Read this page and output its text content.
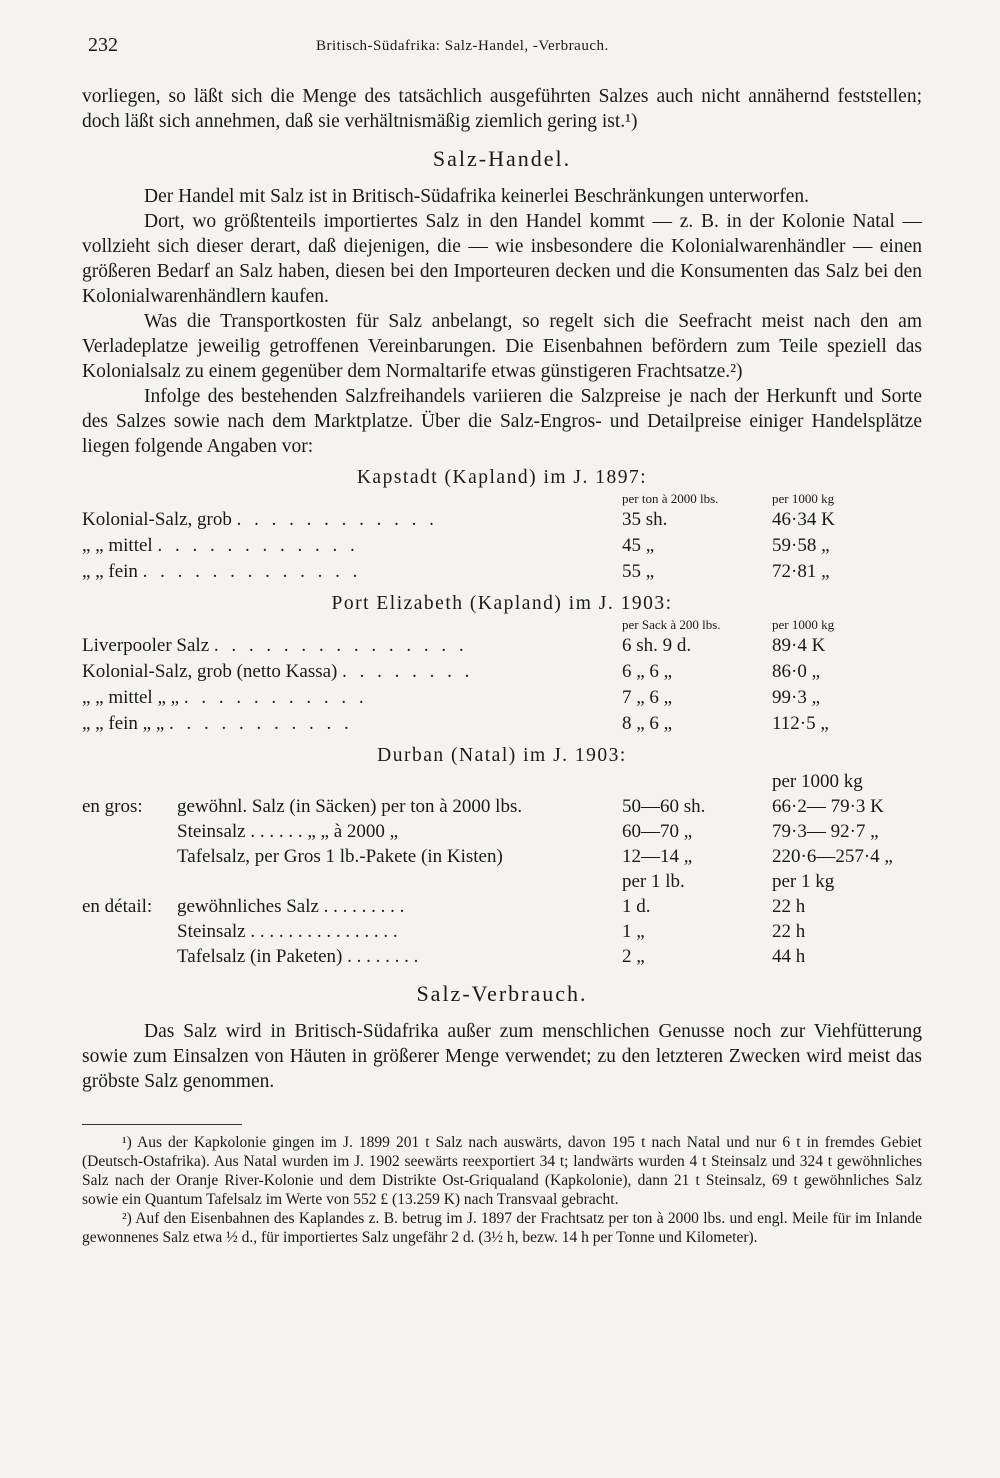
232	Britisch-Südafrika: Salz-Handel, -Verbrauch.

vorliegen, so läßt sich die Menge des tatsächlich ausgeführten Salzes auch nicht annähernd feststellen; doch läßt sich annehmen, daß sie verhältnismäßig ziemlich gering ist.¹)

Salz-Handel.

Der Handel mit Salz ist in Britisch-Südafrika keinerlei Beschränkungen unterworfen.

Dort, wo größtenteils importiertes Salz in den Handel kommt — z. B. in der Kolonie Natal — vollzieht sich dieser derart, daß diejenigen, die — wie insbesondere die Kolonialwarenhändler — einen größeren Bedarf an Salz haben, diesen bei den Importeuren decken und die Konsumenten das Salz bei den Kolonialwarenhändlern kaufen.

Was die Transportkosten für Salz anbelangt, so regelt sich die Seefracht meist nach den am Verladeplatze jeweilig getroffenen Vereinbarungen. Die Eisenbahnen befördern zum Teile speziell das Kolonialsalz zu einem gegenüber dem Normaltarife etwas günstigeren Frachtsatze.²)

Infolge des bestehenden Salzfreihandels variieren die Salzpreise je nach der Herkunft und Sorte des Salzes sowie nach dem Marktplatze. Über die Salz-Engros- und Detailpreise einiger Handelsplätze liegen folgende Angaben vor:

Kapstadt (Kapland) im J. 1897:
	per ton à 2000 lbs.	per 1000 kg
Kolonial-Salz, grob . . . . . . . . . . . .	35 sh.	46·34 K
„ „ mittel . . . . . . . . . . . .	45 „	59·58 „
„ „ fein . . . . . . . . . . . . .	55 „	72·81 „
Port Elizabeth (Kapland) im J. 1903:
	per Sack à 200 lbs.	per 1000 kg
Liverpooler Salz . . . . . . . . . . . . . . .	6 sh. 9 d.	89·4 K
Kolonial-Salz, grob (netto Kassa) . . . . . . . .	6 „ 6 „	86·0 „
„ „ mittel „ „ . . . . . . . . . . .	7 „ 6 „	99·3 „
„ „ fein „ „ . . . . . . . . . . .	8 „ 6 „	112·5 „
Durban (Natal) im J. 1903:
			per 1000 kg
en gros:	gewöhnl. Salz (in Säcken) per ton à 2000 lbs.	50—60 sh.	66·2— 79·3 K
	Steinsalz . . . . . . „ „ à 2000 „	60—70 „	79·3— 92·7 „
	Tafelsalz, per Gros 1 lb.-Pakete (in Kisten)	12—14 „	220·6—257·4 „
		per 1 lb.	per 1 kg
en détail:	gewöhnliches Salz . . . . . . . . .	1 d.	22 h
	Steinsalz . . . . . . . . . . . . . . . .	1 „	22 h
	Tafelsalz (in Paketen) . . . . . . . .	2 „	44 h
Salz-Verbrauch.

Das Salz wird in Britisch-Südafrika außer zum menschlichen Genusse noch zur Viehfütterung sowie zum Einsalzen von Häuten in größerer Menge verwendet; zu den letzteren Zwecken wird meist das gröbste Salz genommen.

¹) Aus der Kapkolonie gingen im J. 1899 201 t Salz nach auswärts, davon 195 t nach Natal und nur 6 t in fremdes Gebiet (Deutsch-Ostafrika). Aus Natal wurden im J. 1902 seewärts reexportiert 34 t; landwärts wurden 4 t Steinsalz und 324 t gewöhnliches Salz nach der Oranje River-Kolonie und dem Distrikte Ost-Griqualand (Kapkolonie), dann 21 t Steinsalz, 69 t gewöhnliches Salz sowie ein Quantum Tafelsalz im Werte von 552 £ (13.259 K) nach Transvaal gebracht.

²) Auf den Eisenbahnen des Kaplandes z. B. betrug im J. 1897 der Frachtsatz per ton à 2000 lbs. und engl. Meile für im Inlande gewonnenes Salz etwa ½ d., für importiertes Salz ungefähr 2 d. (3½ h, bezw. 14 h per Tonne und Kilometer).
